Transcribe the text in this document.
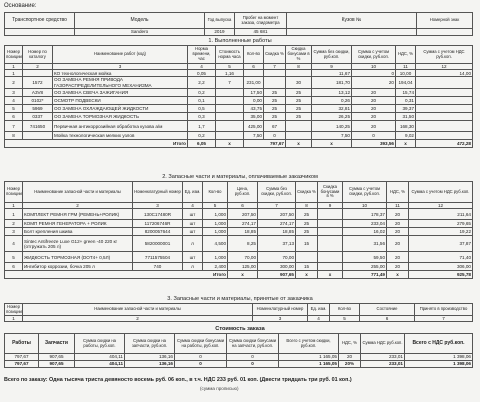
Основание:
Транспортное средство	Модель	Год выпуска	Пробег на момент заказа, спидометра	Кузов №	Номерной знак
	Sandero	2019	45 681		
1. Выполненные работы
Номер позиции	Номер по каталогу	Наименование работ (код)	Норма времени, час	Стоимость норма часа	Кол-во	Скидка %	Скидка бонусами в %	Сумма без скидки, руб.коп.	Сумма с учетом скидки, руб.коп.	НДС, %	Сумма с учетом НДС руб.коп.
1	2	3	4	5	6	7	8	9	10	11	12
1		КО технологическая мойка	0,05	1,16				11,67	0	10,00	14,00
2	1572	ОО ЗАМЕНА РЕМНЯ ПРИВОДА ГАЗОРАСПРЕДЕЛИТЕЛЬНОГО МЕХАНИЗМА	2,2	7	231,00		30	181,70	20	194,04	
3	A3V8	ОО ЗАМЕНА СВЕЧА ЗАЖИГАНИЯ	0,2		17,50	25	25	13,12	20	15,74	
4	0102*	ОСМОТР ПОДВЕСКИ	0,1		0,00	25	25	0,26	20	0,31	
5	5969	ОО ЗАМЕНА ОХЛАЖДАЮЩЕЙ ЖИДКОСТИ	0,5		43,75	25	25	32,81	20	39,37	
6	0337	ОО ЗАМЕНА ТОРМОЗНАЯ ЖИДКОСТЬ	0,3		35,00	25	25	26,25	20	31,50	
7	741650	Первичная антикоррозийная обработка кузова а/м	1,7		425,00	67		140,25	20	168,30	
8		Мойка технологическая мелких узлов	0,2		7,50	0		7,50	0	9,02	
Итого			6,05	x	797,67		x	x	393,56	x	472,28
2. Запасные части и материалы, оплачиваемые заказчиком
Номер позиции	Наименование запасной части и материалы	Номенклатурный номер	Ед. изм.	Кол-во	Цена, руб.коп.	Сумма без скидки, руб.коп.	Скидка %	Скидка бонусами в %	Сумма с учетом скидки, руб.коп.	НДС, %	Сумма с учетом НДС руб.коп.
1	2	3	4	5	6	7	8	9	10	11	12
1	КОМПЛЕКТ РЕМНЯ ГРМ (РЕМЕНЬ+РОЛИК)	130C17480R	шт	1,000	207,50	207,50	25		178,37	20	211,64
2	КОМП РЕМНЯ ГЕНЕРАТОРА + РОЛИК	117206746R	шт	1,000	274,17	274,17	25		233,04	20	279,65
3	Болт крепления шкива	8200057644	шт	1,000	18,85	18,85	25		16,02	20	19,22
4	Sintec Antifreeze Luxe G12+ green -40 220 кг (отгружать 205 л)	5820000001	л	4,500	8,25	37,13	15		31,56	20	37,87
5	ЖИДКОСТЬ ТОРМОЗНАЯ (DOT4+ 0,5Л)	7711575504	шт	1,000	70,00	70,00			59,50	20	71,40
6	Ингибитор коррозии, бочка 205 л	740	л	2,400	125,00	300,00	15		255,00	20	306,00
Итого					x	907,65	x	x	771,49	x	925,78
3. Запасные части и материалы, принятые от заказчика
Номер позиции	Наименование запасной части и материалы	Номенклатурный номер	Ед. изм.	Кол-во	Состояние	Принято в производство
1	2	3	4	5	6	7
Стоимость заказа
Работы	Запчасти	Сумма скидки на работы, руб.коп.	Сумма скидки на запчасти, руб.коп.	Сумма скидки бонусами на работы, руб.коп.	Сумма скидки бонусами на запчасти, руб.коп.	Всего с учетом скидки, руб.коп.	НДС, %	Сумма НДС руб.коп.	Всего с НДС руб.коп.
797,67	907,65	404,11	136,16	0	0	1 165,05	20	233,01	1 398,06
797,67	907,65	404,11	136,16	0	0	1 165,05	20%	233,01	1 398,06
Всего по заказу: Одна тысяча триста девяносто восемь руб. 06 коп., в т.ч. НДС 233 руб. 01 коп. (Двести тридцать три руб. 01 коп.)
(сумма прописью)
